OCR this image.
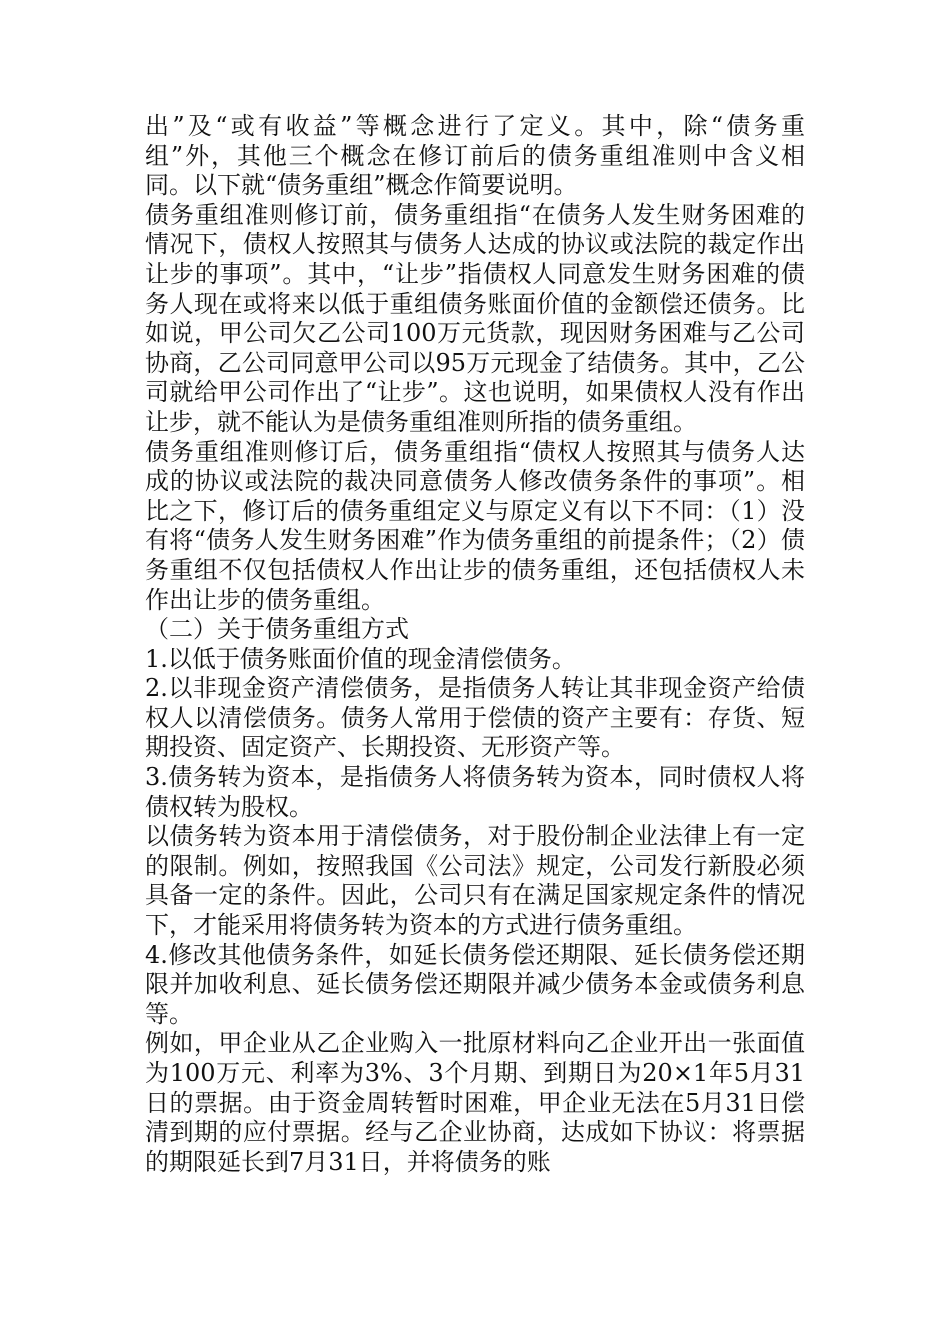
出”及“或有收益”等概念进行了定义。其中，除“债务重组”外，其他三个概念在修订前后的债务重组准则中含义相同。以下就“债务重组”概念作简要说明。

债务重组准则修订前，债务重组指“在债务人发生财务困难的情况下，债权人按照其与债务人达成的协议或法院的裁定作出让步的事项”。其中，“让步”指债权人同意发生财务困难的债务人现在或将来以低于重组债务账面价值的金额偿还债务。比如说，甲公司欠乙公司100万元货款，现因财务困难与乙公司协商，乙公司同意甲公司以95万元现金了结债务。其中，乙公司就给甲公司作出了“让步”。这也说明，如果债权人没有作出让步，就不能认为是债务重组准则所指的债务重组。

债务重组准则修订后，债务重组指“债权人按照其与债务人达成的协议或法院的裁决同意债务人修改债务条件的事项”。相比之下，修订后的债务重组定义与原定义有以下不同：（1）没有将“债务人发生财务困难”作为债务重组的前提条件；（2）债务重组不仅包括债权人作出让步的债务重组，还包括债权人未作出让步的债务重组。

（二）关于债务重组方式

1.以低于债务账面价值的现金清偿债务。

2.以非现金资产清偿债务，是指债务人转让其非现金资产给债权人以清偿债务。债务人常用于偿债的资产主要有：存货、短期投资、固定资产、长期投资、无形资产等。

3.债务转为资本，是指债务人将债务转为资本，同时债权人将债权转为股权。

以债务转为资本用于清偿债务，对于股份制企业法律上有一定的限制。例如，按照我国《公司法》规定，公司发行新股必须具备一定的条件。因此，公司只有在满足国家规定条件的情况下，才能采用将债务转为资本的方式进行债务重组。

4.修改其他债务条件，如延长债务偿还期限、延长债务偿还期限并加收利息、延长债务偿还期限并减少债务本金或债务利息等。

例如，甲企业从乙企业购入一批原材料向乙企业开出一张面值为100万元、利率为3%、3个月期、到期日为20×1年5月31日的票据。由于资金周转暂时困难，甲企业无法在5月31日偿清到期的应付票据。经与乙企业协商，达成如下协议：将票据的期限延长到7月31日，并将债务的账
